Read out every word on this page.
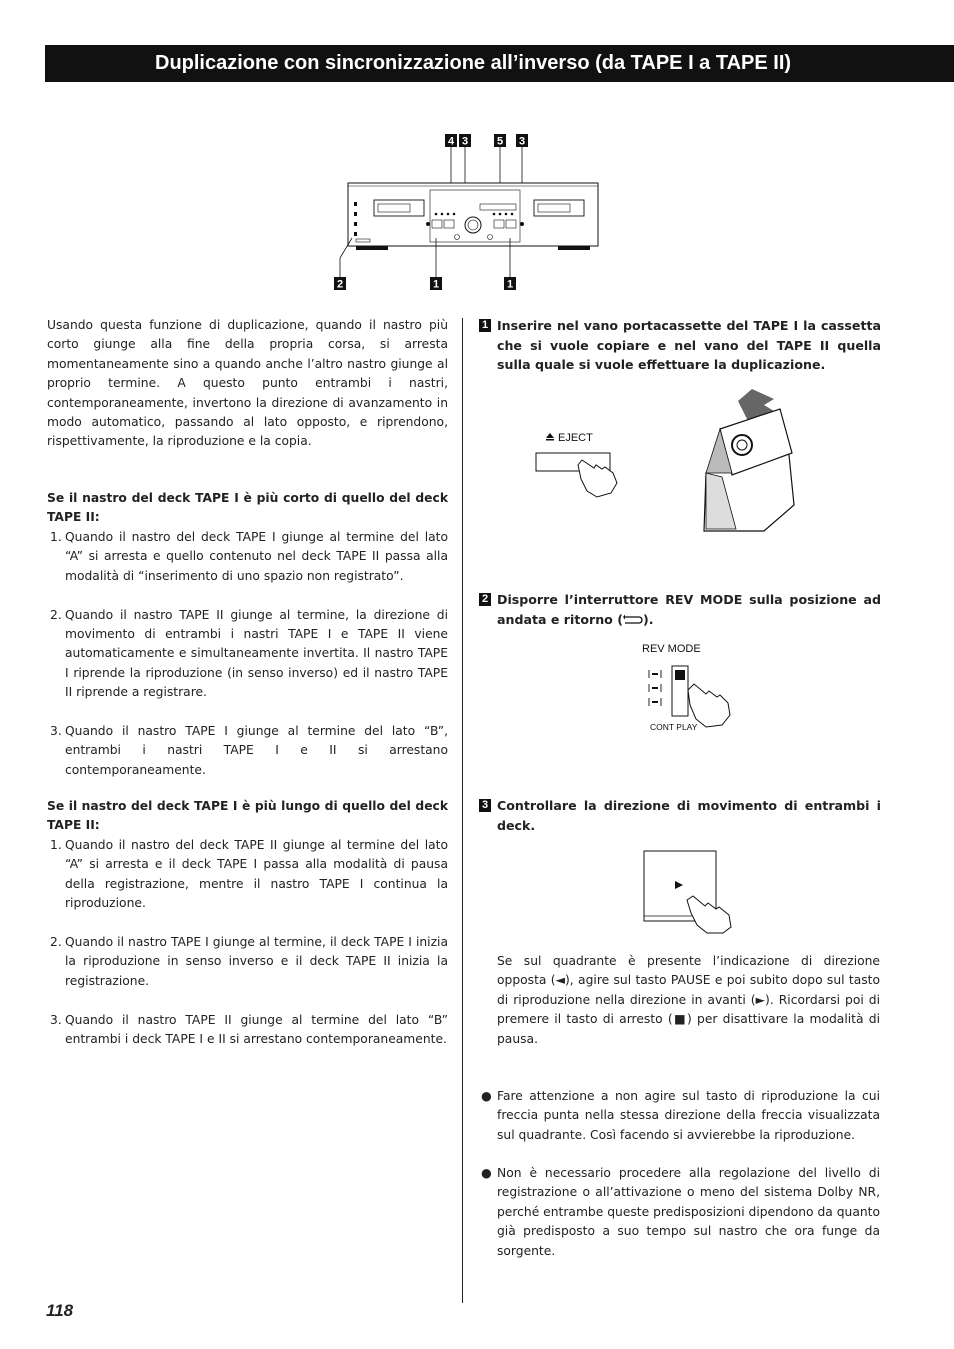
Duplicazione con sincronizzazione all’inverso (da TAPE I a TAPE II)
4 3	5 3
2	1	1
Usando questa funzione di duplicazione, quando il nastro più corto giunge alla fine della propria corsa, si arresta momentaneamente sino a quando anche l’altro nastro giunge al proprio termine. A questo punto entrambi i nastri, contemporaneamente, invertono la direzione di avanzamento in modo automatico, passando al lato opposto, e riprendono, rispettivamente, la riproduzione e la copia.
Se il nastro del deck TAPE I è più corto di quello del deck TAPE II:
1. Quando il nastro del deck TAPE I giunge al termine del lato “A” si arresta e quello contenuto nel deck TAPE II passa alla modalità di “inserimento di uno spazio non registrato”.
2. Quando il nastro TAPE II giunge al termine, la direzione di movimento di entrambi i nastri TAPE I e TAPE II viene automaticamente e simultaneamente invertita. Il nastro TAPE I riprende la riproduzione (in senso inverso) ed il nastro TAPE II riprende a registrare.
3. Quando il nastro TAPE I giunge al termine del lato “B”, entrambi i nastri TAPE I e II si arrestano contemporaneamente.
Se il nastro del deck TAPE I è più lungo di quello del deck TAPE II:
1. Quando il nastro del deck TAPE II giunge al termine del lato “A” si arresta e il deck TAPE I passa alla modalità di pausa della registrazione, mentre il nastro TAPE I continua la riproduzione.
2. Quando il nastro TAPE I giunge al termine, il deck TAPE I inizia la riproduzione in senso inverso e il deck TAPE II inizia la registrazione.
3. Quando il nastro TAPE II giunge al termine del lato “B” entrambi i deck TAPE I e II si arrestano contemporaneamente.
1 Inserire nel vano portacassette del TAPE I la cassetta che si vuole copiare e nel vano del TAPE II quella sulla quale si vuole effettuare la duplicazione.
EJECT
2 Disporre l’interruttore REV MODE sulla posizione ad andata e ritorno ( ).
REV MODE
CONT PLAY
3 Controllare la direzione di movimento di entrambi i deck.
Se sul quadrante è presente l’indicazione di direzione opposta (◄), agire sul tasto PAUSE e poi subito dopo sul tasto di riproduzione nella direzione in avanti (►). Ricordarsi poi di premere il tasto di arresto (■) per disattivare la modalità di pausa.
● Fare attenzione a non agire sul tasto di riproduzione la cui freccia punta nella stessa direzione della freccia visualizzata sul quadrante. Così facendo si avvierebbe la riproduzione.
● Non è necessario procedere alla regolazione del livello di registrazione o all’attivazione o meno del sistema Dolby NR, perché entrambe queste predisposizioni dipendono da quanto già predisposto a suo tempo sul nastro che ora funge da sorgente.
118
